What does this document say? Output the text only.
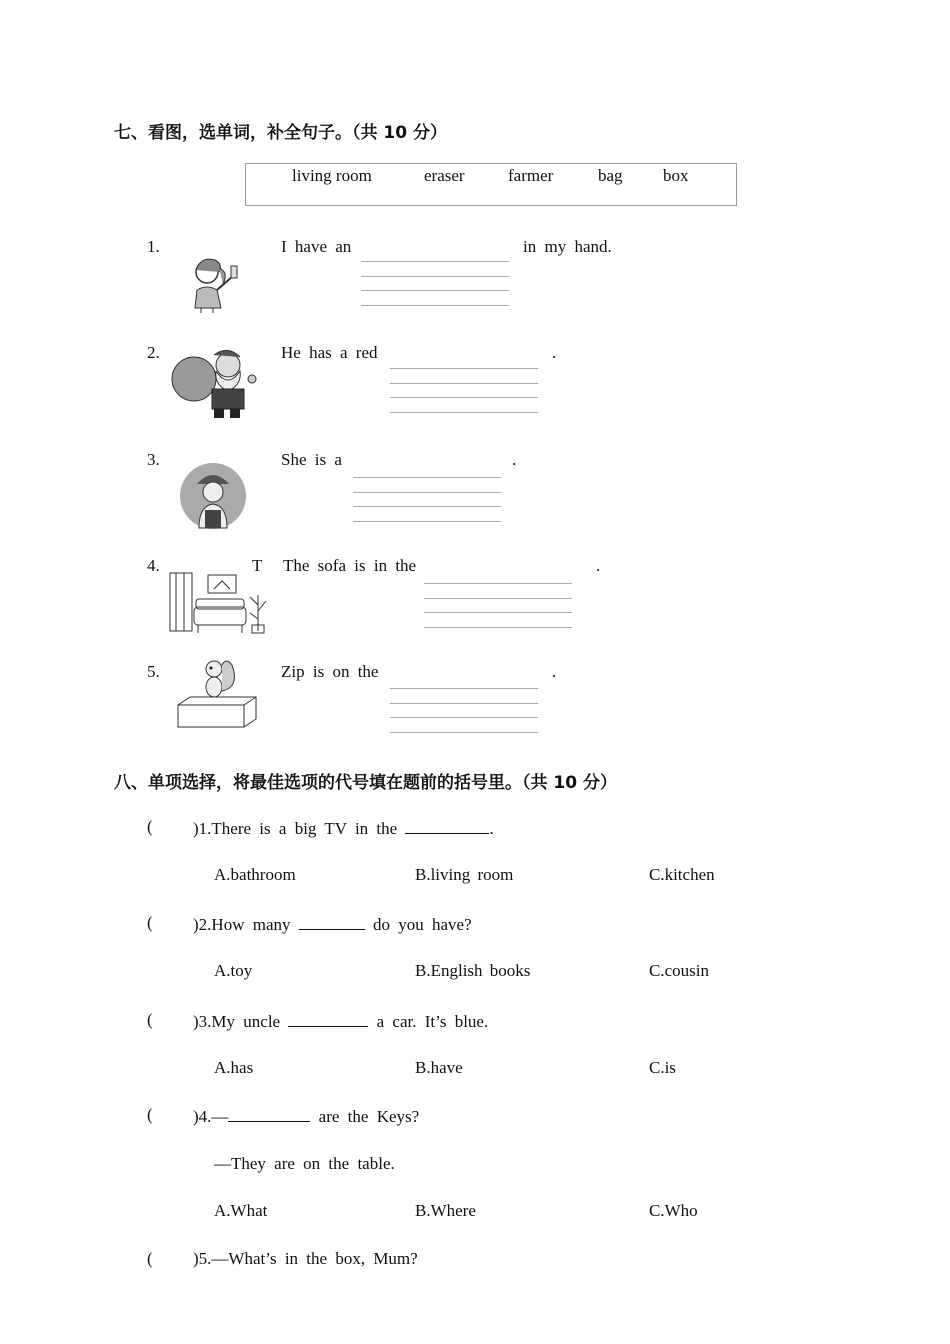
七、看图，选单词，补全句子。（共 10 分）
living room	eraser	farmer	bag box
1.	I have an	in my hand.
2.	He has a red	.
3.	She is a	.
4.	T The sofa is in the	.
5.	Zip is on the	.
八、单项选择，将最佳选项的代号填在题前的括号里。（共 10 分）
( )1.There is a big TV in the	.
A.bathroom	B.living room	C.kitchen
( )2.How many	do you have?
A.toy	B.English books	C.cousin
( )3.My uncle	a car. It’s blue.
A.has	B.have	C.is
( )4.—	are the Keys?
—They are on the table.
A.What	B.Where	C.Who
( )5.—What’s in the box, Mum?
